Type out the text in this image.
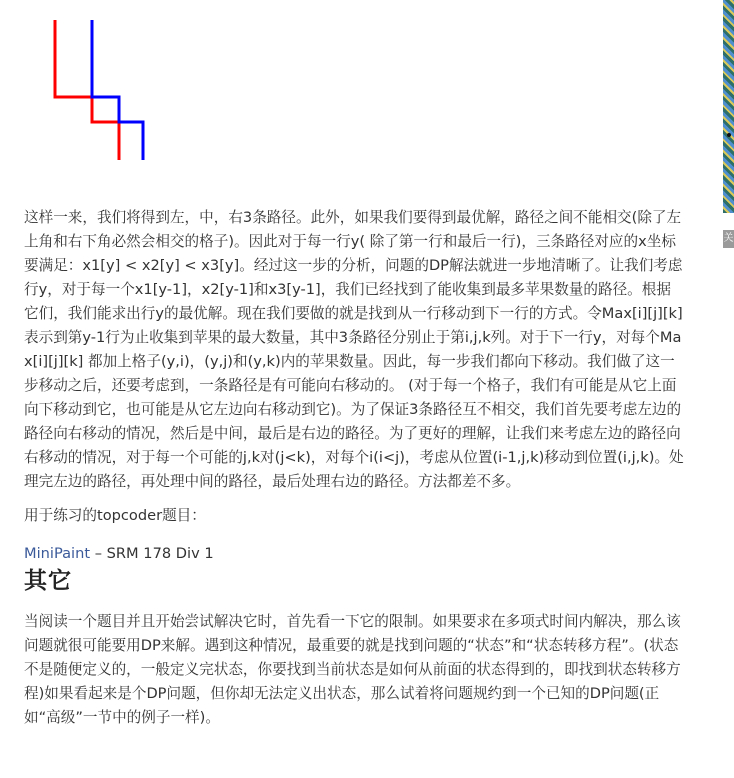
这样一来，我们将得到左，中，右3条路径。此外，如果我们要得到最优解，路径之间不能相交(除了左上角和右下角必然会相交的格子)。因此对于每一行y( 除了第一行和最后一行)，三条路径对应的x坐标要满足：x1[y] < x2[y] < x3[y]。经过这一步的分析，问题的DP解法就进一步地清晰了。让我们考虑行y，对于每一个x1[y-1]，x2[y-1]和x3[y-1]，我们已经找到了能收集到最多苹果数量的路径。根据它们，我们能求出行y的最优解。现在我们要做的就是找到从一行移动到下一行的方式。令Max[i][j][k]表示到第y-1行为止收集到苹果的最大数量，其中3条路径分别止于第i,j,k列。对于下一行y，对每个Max[i][j][k] 都加上格子(y,i)，(y,j)和(y,k)内的苹果数量。因此，每一步我们都向下移动。我们做了这一步移动之后，还要考虑到，一条路径是有可能向右移动的。 (对于每一个格子，我们有可能是从它上面向下移动到它，也可能是从它左边向右移动到它)。为了保证3条路径互不相交，我们首先要考虑左边的路径向右移动的情况，然后是中间，最后是右边的路径。为了更好的理解，让我们来考虑左边的路径向右移动的情况，对于每一个可能的j,k对(j<k)，对每个i(i<j)，考虑从位置(i-1,j,k)移动到位置(i,j,k)。处理完左边的路径，再处理中间的路径，最后处理右边的路径。方法都差不多。

用于练习的topcoder题目：

MiniPaint – SRM 178 Div 1

其它

当阅读一个题目并且开始尝试解决它时，首先看一下它的限制。如果要求在多项式时间内解决，那么该问题就很可能要用DP来解。遇到这种情况，最重要的就是找到问题的“状态”和“状态转移方程”。(状态不是随便定义的，一般定义完状态，你要找到当前状态是如何从前面的状态得到的，即找到状态转移方程)如果看起来是个DP问题，但你却无法定义出状态，那么试着将问题规约到一个已知的DP问题(正如“高级”一节中的例子一样)。

关
